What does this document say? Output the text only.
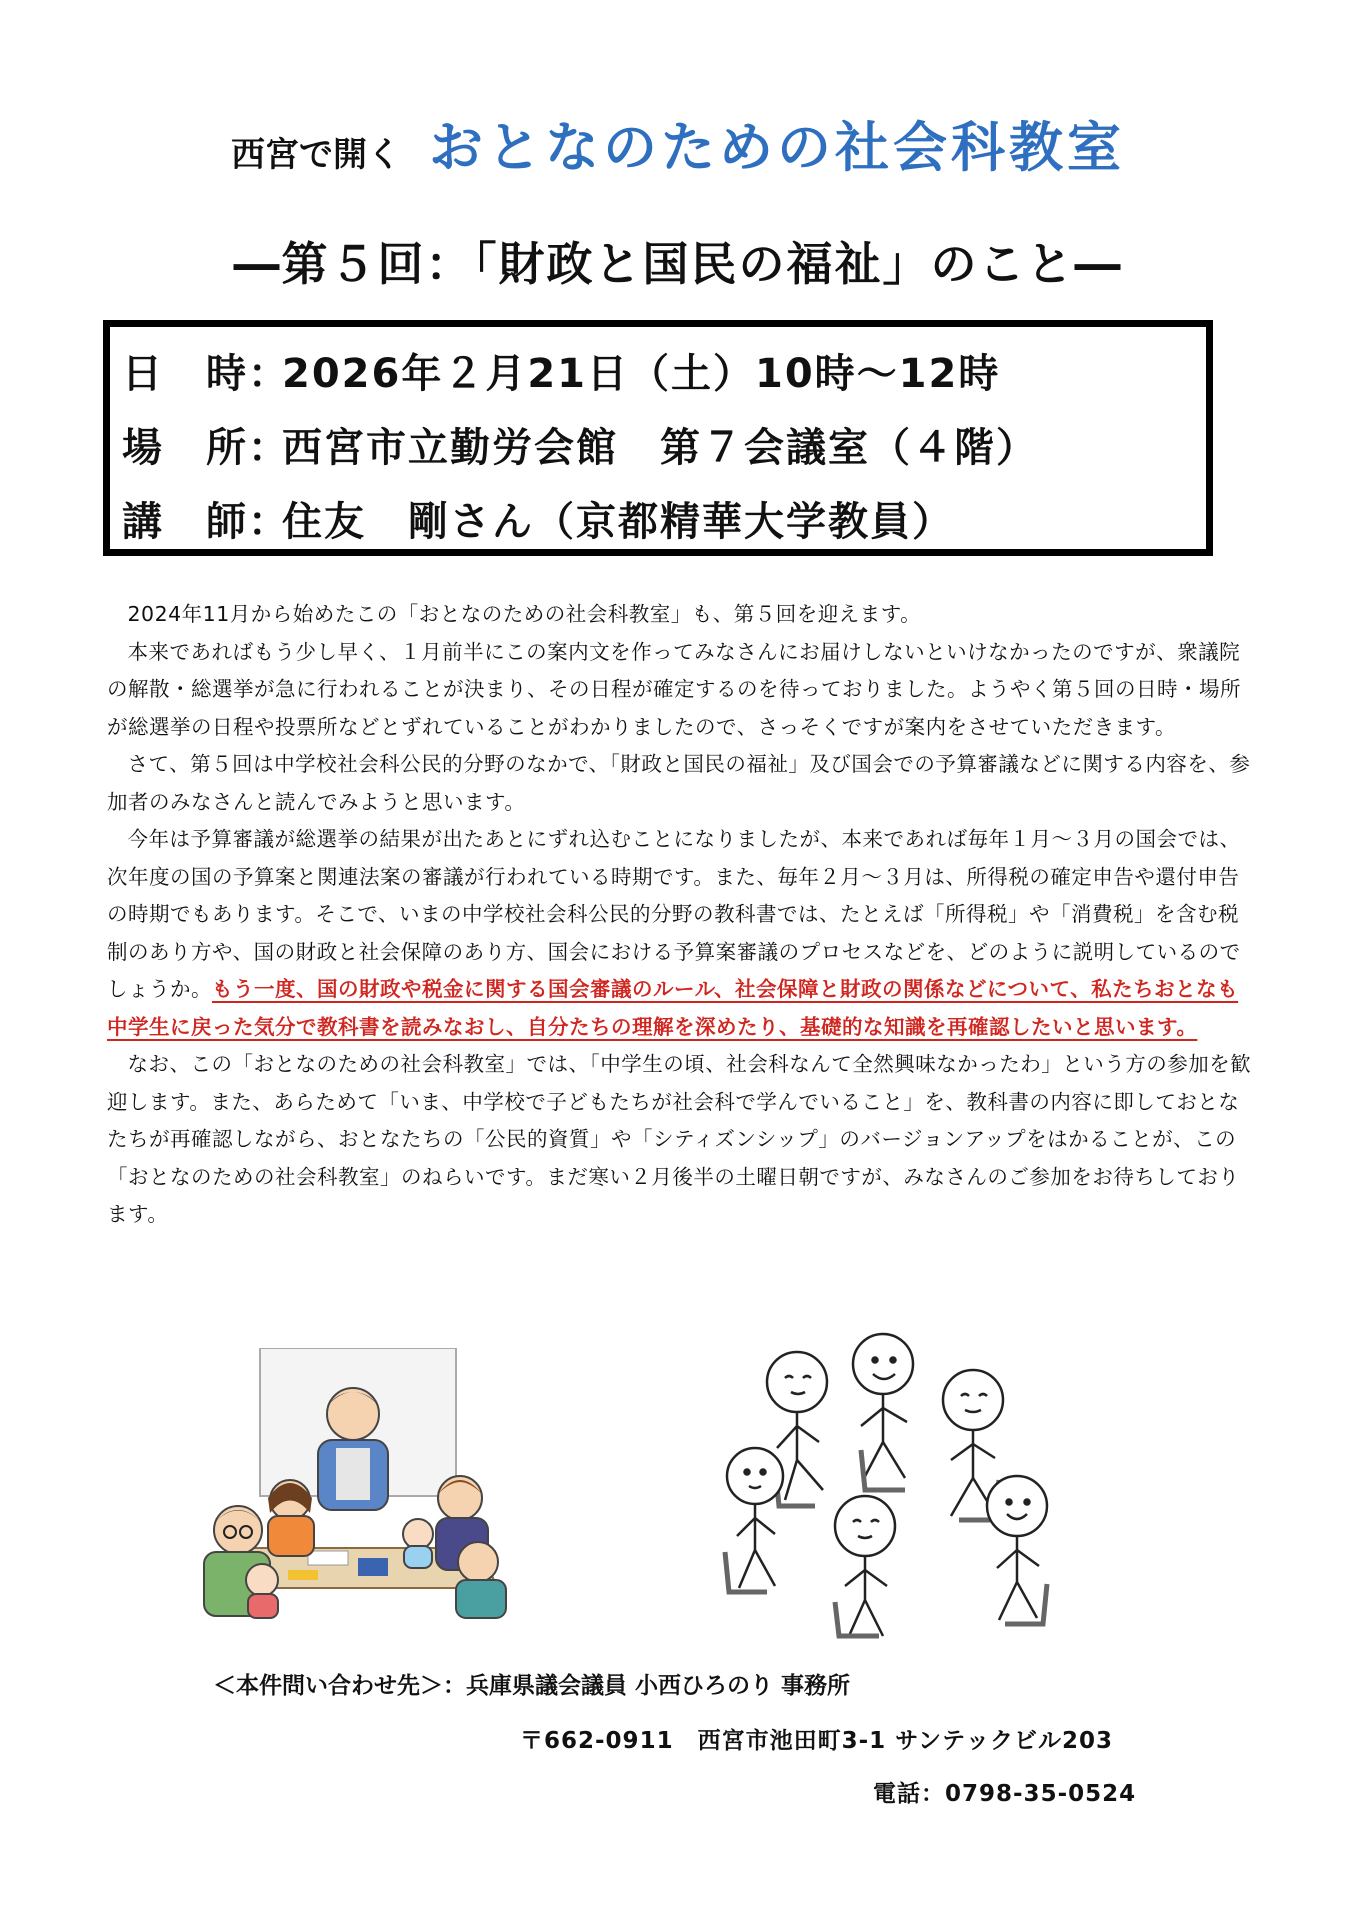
西宮で開く おとなのための社会科教室
―第５回：「財政と国民の福祉」のこと―
日　時：2026年２月21日（土）10時～12時
場　所：西宮市立勤労会館　第７会議室（４階）
講　師：住友　剛さん（京都精華大学教員）

2024年11月から始めたこの「おとなのための社会科教室」も、第５回を迎えます。

本来であればもう少し早く、１月前半にこの案内文を作ってみなさんにお届けしないといけなかったのですが、衆議院の解散・総選挙が急に行われることが決まり、その日程が確定するのを待っておりました。ようやく第５回の日時・場所が総選挙の日程や投票所などとずれていることがわかりましたので、さっそくですが案内をさせていただきます。

さて、第５回は中学校社会科公民的分野のなかで、「財政と国民の福祉」及び国会での予算審議などに関する内容を、参加者のみなさんと読んでみようと思います。

今年は予算審議が総選挙の結果が出たあとにずれ込むことになりましたが、本来であれば毎年１月～３月の国会では、次年度の国の予算案と関連法案の審議が行われている時期です。また、毎年２月～３月は、所得税の確定申告や還付申告の時期でもあります。そこで、いまの中学校社会科公民的分野の教科書では、たとえば「所得税」や「消費税」を含む税制のあり方や、国の財政と社会保障のあり方、国会における予算案審議のプロセスなどを、どのように説明しているのでしょうか。もう一度、国の財政や税金に関する国会審議のルール、社会保障と財政の関係などについて、私たちおとなも中学生に戻った気分で教科書を読みなおし、自分たちの理解を深めたり、基礎的な知識を再確認したいと思います。

なお、この「おとなのための社会科教室」では、「中学生の頃、社会科なんて全然興味なかったわ」という方の参加を歓迎します。また、あらためて「いま、中学校で子どもたちが社会科で学んでいること」を、教科書の内容に即しておとなたちが再確認しながら、おとなたちの「公民的資質」や「シティズンシップ」のバージョンアップをはかることが、この「おとなのための社会科教室」のねらいです。まだ寒い２月後半の土曜日朝ですが、みなさんのご参加をお待ちしております。

＜本件問い合わせ先＞：兵庫県議会議員 小西ひろのり 事務所
〒662-0911　西宮市池田町3-1 サンテックビル203
電話：0798-35-0524
